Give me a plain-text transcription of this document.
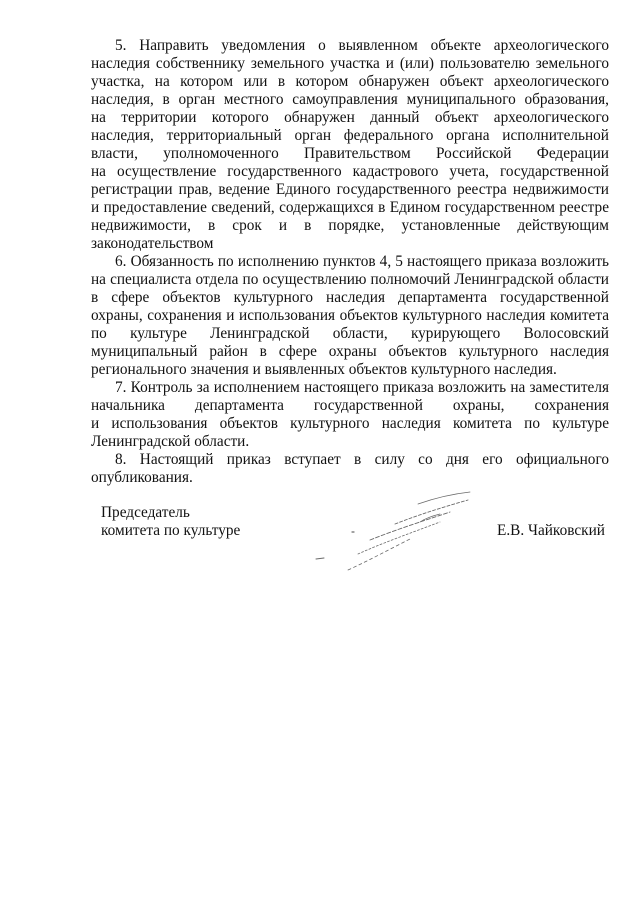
5. Направить уведомления о выявленном объекте археологического
наследия собственнику земельного участка и (или) пользователю земельного
участка, на котором или в котором обнаружен объект археологического
наследия, в орган местного самоуправления муниципального образования,
на территории которого обнаружен данный объект археологического
наследия, территориальный орган федерального органа исполнительной
власти, уполномоченного Правительством Российской Федерации
на осуществление государственного кадастрового учета, государственной
регистрации прав, ведение Единого государственного реестра недвижимости
и предоставление сведений, содержащихся в Едином государственном реестре
недвижимости, в срок и в порядке, установленные действующим
законодательством
6. Обязанность по исполнению пунктов 4, 5 настоящего приказа возложить
на специалиста отдела по осуществлению полномочий Ленинградской области
в сфере объектов культурного наследия департамента государственной
охраны, сохранения и использования объектов культурного наследия комитета
по культуре Ленинградской области, курирующего Волосовский
муниципальный район в сфере охраны объектов культурного наследия
регионального значения и выявленных объектов культурного наследия.
7. Контроль за исполнением настоящего приказа возложить на заместителя
начальника департамента государственной охраны, сохранения
и использования объектов культурного наследия комитета по культуре
Ленинградской области.
8. Настоящий приказ вступает в силу со дня его официального
опубликования.
Председатель
комитета по культуре	Е.В. Чайковский
